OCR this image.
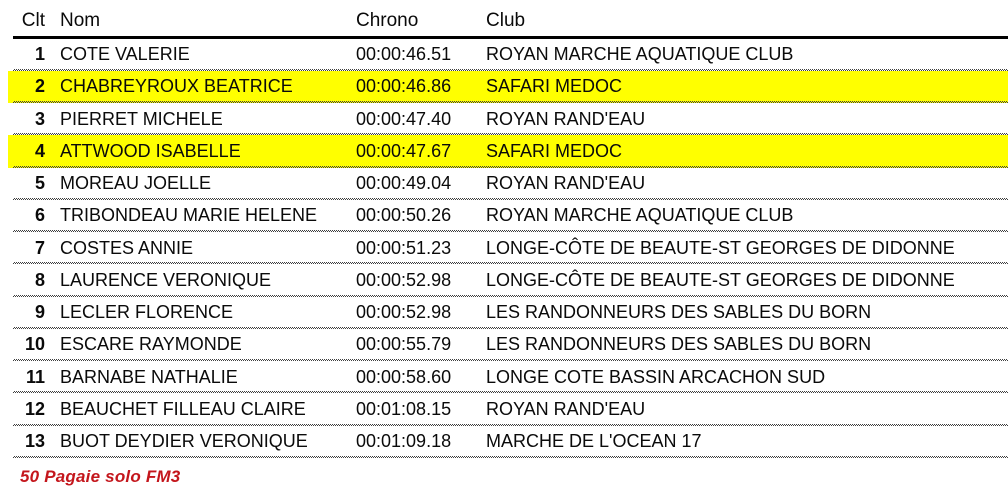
Clt Nom	Chrono	Club
1 COTE VALERIE	00:00:46.51	ROYAN MARCHE AQUATIQUE CLUB
2 CHABREYROUX BEATRICE	00:00:46.86	SAFARI MEDOC
3 PIERRET MICHELE	00:00:47.40	ROYAN RAND'EAU
4 ATTWOOD ISABELLE	00:00:47.67	SAFARI MEDOC
5 MOREAU JOELLE	00:00:49.04	ROYAN RAND'EAU
6 TRIBONDEAU MARIE HELENE	00:00:50.26	ROYAN MARCHE AQUATIQUE CLUB
7 COSTES ANNIE	00:00:51.23	LONGE-CÔTE DE BEAUTE-ST GEORGES DE DIDONNE
8 LAURENCE VERONIQUE	00:00:52.98	LONGE-CÔTE DE BEAUTE-ST GEORGES DE DIDONNE
9 LECLER FLORENCE	00:00:52.98	LES RANDONNEURS DES SABLES DU BORN
10 ESCARE RAYMONDE	00:00:55.79	LES RANDONNEURS DES SABLES DU BORN
11 BARNABE NATHALIE	00:00:58.60	LONGE COTE BASSIN ARCACHON SUD
12 BEAUCHET FILLEAU CLAIRE	00:01:08.15	ROYAN RAND'EAU
13 BUOT DEYDIER VERONIQUE	00:01:09.18	MARCHE DE L'OCEAN 17
50 Pagaie solo FM3
